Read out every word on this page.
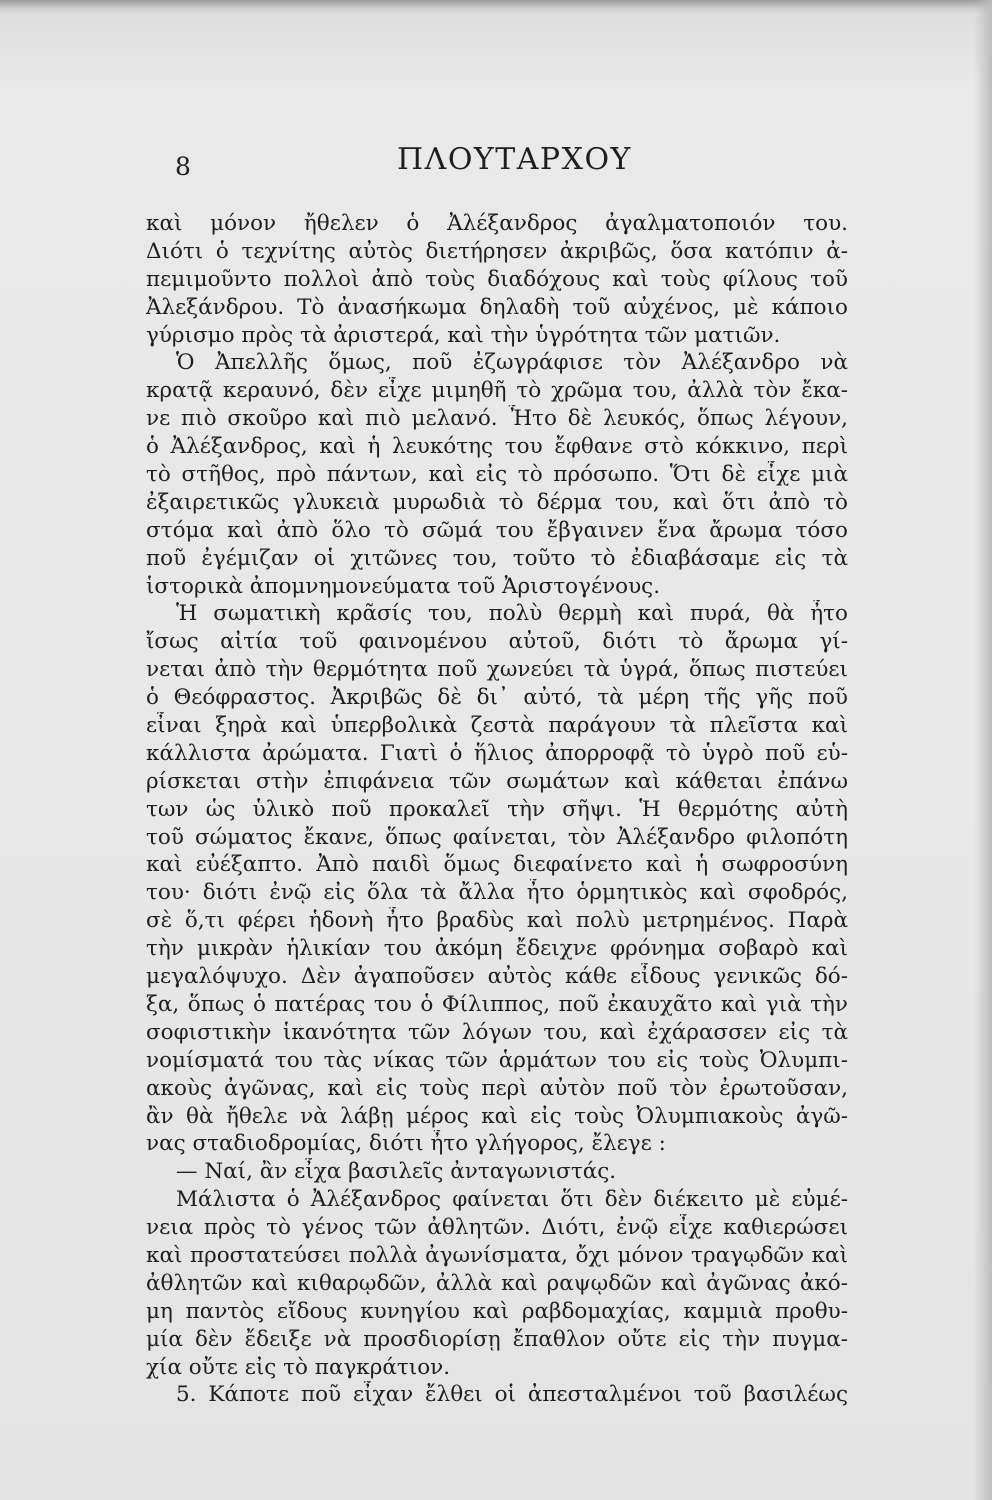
8	ΠΛΟΥΤΑΡΧΟΥ
καὶ μόνον ἤθελεν ὁ Ἀλέξανδρος ἀγαλματοποιόν του.
Διότι ὁ τεχνίτης αὐτὸς διετήρησεν ἀκριβῶς, ὅσα κατόπιν ἀ-
πεμιμοῦντο πολλοὶ ἀπὸ τοὺς διαδόχους καὶ τοὺς φίλους τοῦ
Ἀλεξάνδρου. Τὸ ἀνασήκωμα δηλαδὴ τοῦ αὐχένος, μὲ κάποιο
γύρισμο πρὸς τὰ ἀριστερά, καὶ τὴν ὑγρότητα τῶν ματιῶν.
Ὁ Ἀπελλῆς ὅμως, ποῦ ἐζωγράφισε τὸν Ἀλέξανδρο νὰ
κρατᾷ κεραυνό, δὲν εἶχε μιμηθῆ τὸ χρῶμα του, ἀλλὰ τὸν ἔκα-
νε πιὸ σκοῦρο καὶ πιὸ μελανό. Ἦτο δὲ λευκός, ὅπως λέγουν,
ὁ Ἀλέξανδρος, καὶ ἡ λευκότης του ἔφθανε στὸ κόκκινο, περὶ
τὸ στῆθος, πρὸ πάντων, καὶ εἰς τὸ πρόσωπο. Ὅτι δὲ εἶχε μιὰ
ἐξαιρετικῶς γλυκειὰ μυρωδιὰ τὸ δέρμα του, καὶ ὅτι ἀπὸ τὸ
στόμα καὶ ἀπὸ ὅλο τὸ σῶμά του ἔβγαινεν ἕνα ἄρωμα τόσο
ποῦ ἐγέμιζαν οἱ χιτῶνες του, τοῦτο τὸ ἐδιαβάσαμε εἰς τὰ
ἱστορικὰ ἀπομνημονεύματα τοῦ Ἀριστογένους.
Ἡ σωματικὴ κρᾶσίς του, πολὺ θερμὴ καὶ πυρά, θὰ ἦτο
ἴσως αἰτία τοῦ φαινομένου αὐτοῦ, διότι τὸ ἄρωμα γί-
νεται ἀπὸ τὴν θερμότητα ποῦ χωνεύει τὰ ὑγρά, ὅπως πιστεύει
ὁ Θεόφραστος. Ἀκριβῶς δὲ δι᾽ αὐτό, τὰ μέρη τῆς γῆς ποῦ
εἶναι ξηρὰ καὶ ὑπερβολικὰ ζεστὰ παράγουν τὰ πλεῖστα καὶ
κάλλιστα ἀρώματα. Γιατὶ ὁ ἥλιος ἀπορροφᾷ τὸ ὑγρὸ ποῦ εὑ-
ρίσκεται στὴν ἐπιφάνεια τῶν σωμάτων καὶ κάθεται ἐπάνω
των ὡς ὑλικὸ ποῦ προκαλεῖ τὴν σῆψι. Ἡ θερμότης αὐτὴ
τοῦ σώματος ἔκανε, ὅπως φαίνεται, τὸν Ἀλέξανδρο φιλοπότη
καὶ εὐέξαπτο. Ἀπὸ παιδὶ ὅμως διεφαίνετο καὶ ἡ σωφροσύνη
του· διότι ἐνῷ εἰς ὅλα τὰ ἄλλα ἦτο ὁρμητικὸς καὶ σφοδρός,
σὲ ὅ,τι φέρει ἡδονὴ ἦτο βραδὺς καὶ πολὺ μετρημένος. Παρὰ
τὴν μικρὰν ἡλικίαν του ἀκόμη ἔδειχνε φρόνημα σοβαρὸ καὶ
μεγαλόψυχο. Δὲν ἀγαποῦσεν αὐτὸς κάθε εἶδους γενικῶς δό-
ξα, ὅπως ὁ πατέρας του ὁ Φίλιππος, ποῦ ἐκαυχᾶτο καὶ γιὰ τὴν
σοφιστικὴν ἱκανότητα τῶν λόγων του, καὶ ἐχάρασσεν εἰς τὰ
νομίσματά του τὰς νίκας τῶν ἁρμάτων του εἰς τοὺς Ὀλυμπι-
ακοὺς ἀγῶνας, καὶ εἰς τοὺς περὶ αὐτὸν ποῦ τὸν ἐρωτοῦσαν,
ἂν θὰ ἤθελε νὰ λάβῃ μέρος καὶ εἰς τοὺς Ὀλυμπιακοὺς ἀγῶ-
νας σταδιοδρομίας, διότι ἦτο γλήγορος, ἔλεγε :
— Ναί, ἂν εἶχα βασιλεῖς ἀνταγωνιστάς.
Μάλιστα ὁ Ἀλέξανδρος φαίνεται ὅτι δὲν διέκειτο μὲ εὐμέ-
νεια πρὸς τὸ γένος τῶν ἀθλητῶν. Διότι, ἐνῷ εἶχε καθιερώσει
καὶ προστατεύσει πολλὰ ἀγωνίσματα, ὄχι μόνον τραγῳδῶν καὶ
ἀθλητῶν καὶ κιθαρῳδῶν, ἀλλὰ καὶ ραψῳδῶν καὶ ἀγῶνας ἀκό-
μη παντὸς εἴδους κυνηγίου καὶ ραβδομαχίας, καμμιὰ προθυ-
μία δὲν ἔδειξε νὰ προσδιορίσῃ ἔπαθλον οὔτε εἰς τὴν πυγμα-
χία οὔτε εἰς τὸ παγκράτιον.
5. Κάποτε ποῦ εἶχαν ἔλθει οἱ ἀπεσταλμένοι τοῦ βασιλέως
